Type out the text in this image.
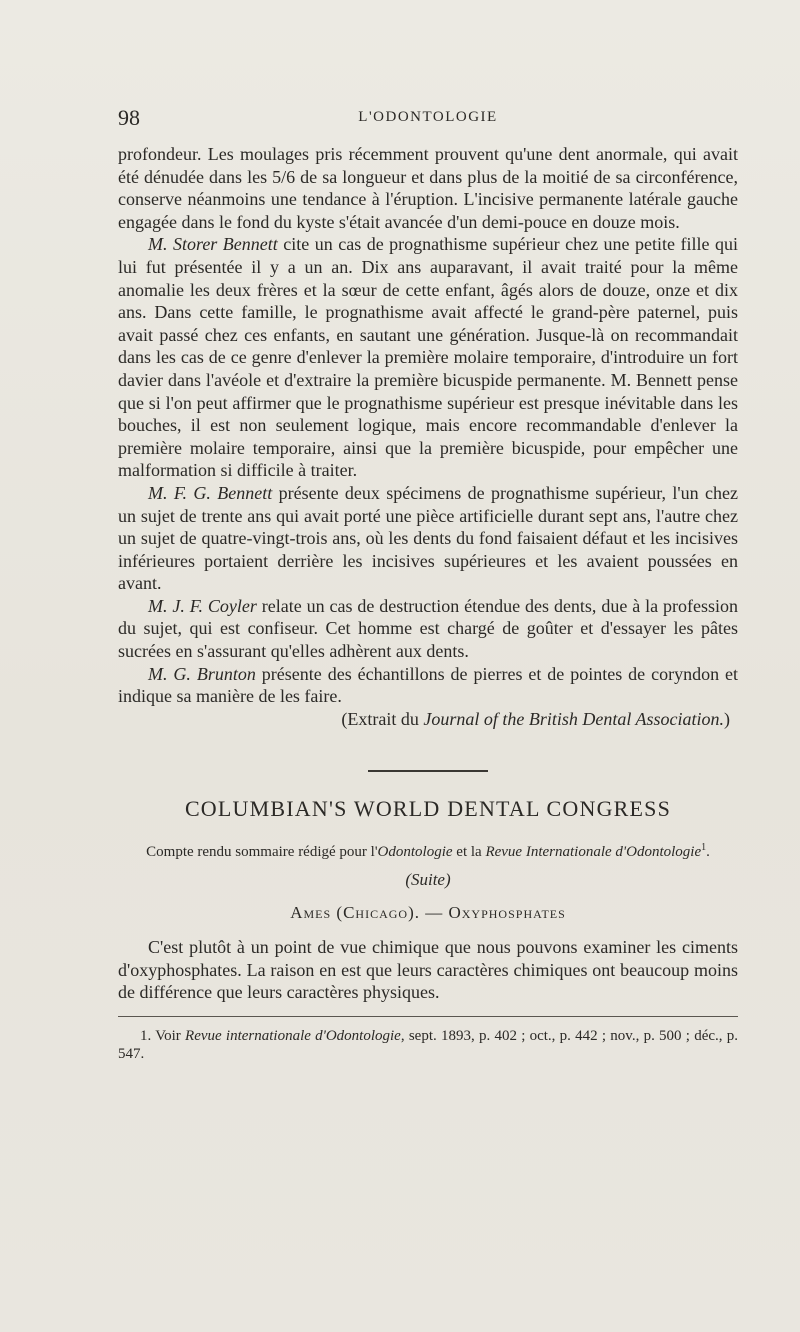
98	L'ODONTOLOGIE

profondeur. Les moulages pris récemment prouvent qu'une dent anormale, qui avait été dénudée dans les 5/6 de sa longueur et dans plus de la moitié de sa circonférence, conserve néanmoins une tendance à l'éruption. L'incisive permanente latérale gauche engagée dans le fond du kyste s'était avancée d'un demi-pouce en douze mois.

M. Storer Bennett cite un cas de prognathisme supérieur chez une petite fille qui lui fut présentée il y a un an. Dix ans auparavant, il avait traité pour la même anomalie les deux frères et la sœur de cette enfant, âgés alors de douze, onze et dix ans. Dans cette famille, le prognathisme avait affecté le grand-père paternel, puis avait passé chez ces enfants, en sautant une génération. Jusque-là on recommandait dans les cas de ce genre d'enlever la première molaire temporaire, d'introduire un fort davier dans l'avéole et d'extraire la première bicuspide permanente. M. Bennett pense que si l'on peut affirmer que le prognathisme supérieur est presque inévitable dans les bouches, il est non seulement logique, mais encore recommandable d'enlever la première molaire temporaire, ainsi que la première bicuspide, pour empêcher une malformation si difficile à traiter.

M. F. G. Bennett présente deux spécimens de prognathisme supérieur, l'un chez un sujet de trente ans qui avait porté une pièce artificielle durant sept ans, l'autre chez un sujet de quatre-vingt-trois ans, où les dents du fond faisaient défaut et les incisives inférieures portaient derrière les incisives supérieures et les avaient poussées en avant.

M. J. F. Coyler relate un cas de destruction étendue des dents, due à la profession du sujet, qui est confiseur. Cet homme est chargé de goûter et d'essayer les pâtes sucrées en s'assurant qu'elles adhèrent aux dents.

M. G. Brunton présente des échantillons de pierres et de pointes de coryndon et indique sa manière de les faire.

(Extrait du Journal of the British Dental Association.)

COLUMBIAN'S WORLD DENTAL CONGRESS
Compte rendu sommaire rédigé pour l'Odontologie et la Revue Internationale d'Odontologie$^1$.
(Suite)
Ames (Chicago). — Oxyphosphates

C'est plutôt à un point de vue chimique que nous pouvons examiner les ciments d'oxyphosphates. La raison en est que leurs caractères chimiques ont beaucoup moins de différence que leurs caractères physiques.

1. Voir Revue internationale d'Odontologie, sept. 1893, p. 402 ; oct., p. 442 ; nov., p. 500 ; déc., p. 547.
